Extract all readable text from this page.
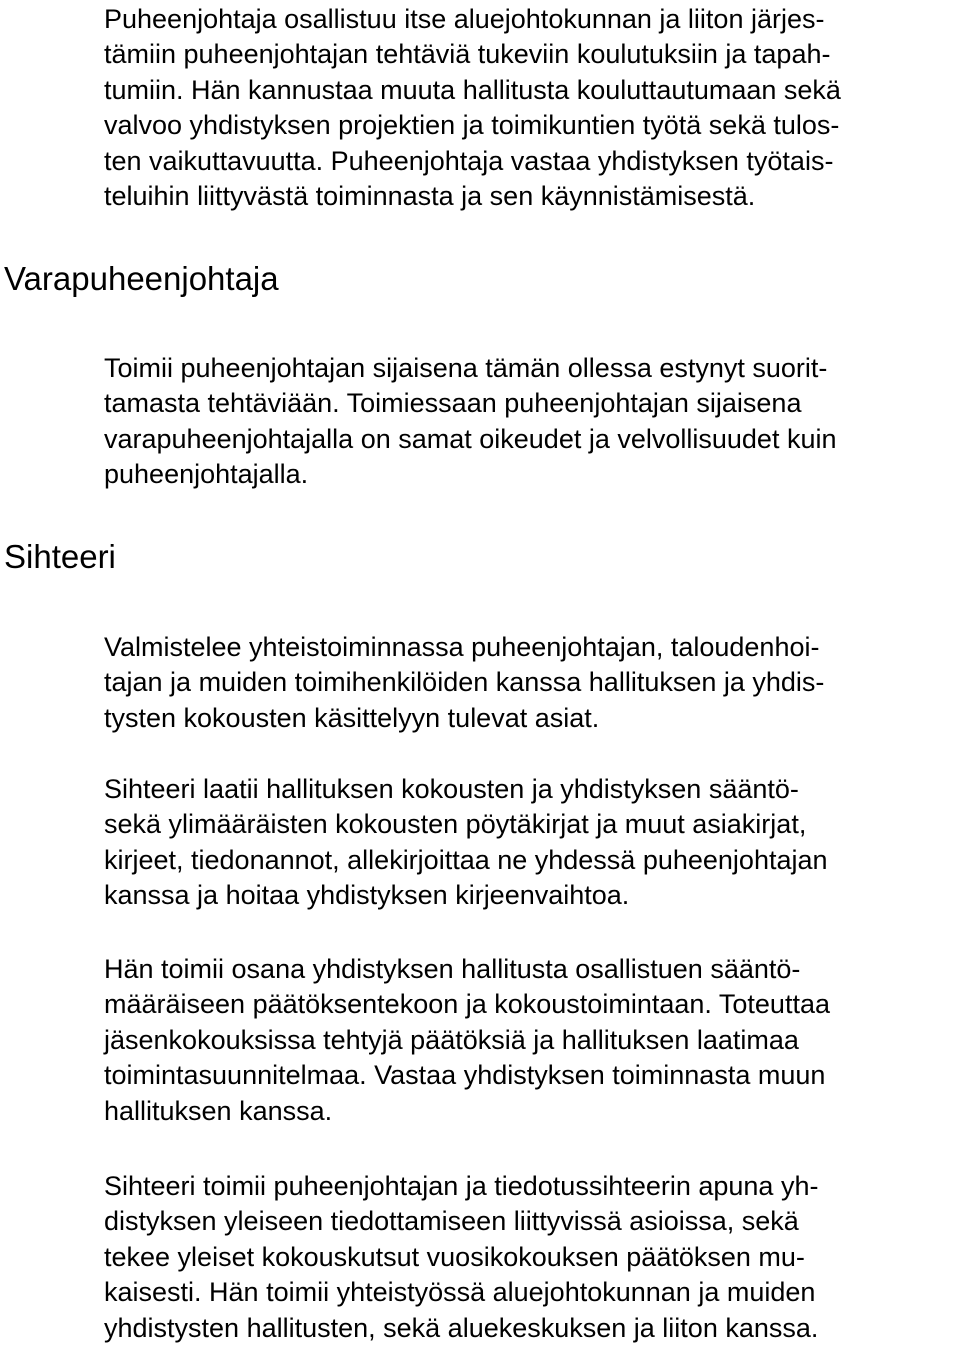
Puheenjohtaja osallistuu itse aluejohtokunnan ja liiton järjes-
tämiin puheenjohtajan tehtäviä tukeviin koulutuksiin ja tapah-
tumiin. Hän kannustaa muuta hallitusta kouluttautumaan sekä
valvoo yhdistyksen projektien ja toimikuntien työtä sekä tulos-
ten vaikuttavuutta. Puheenjohtaja vastaa yhdistyksen työtais-
teluihin liittyvästä toiminnasta ja sen käynnistämisestä.

Varapuheenjohtaja

Toimii puheenjohtajan sijaisena tämän ollessa estynyt suorit-
tamasta tehtäviään. Toimiessaan puheenjohtajan sijaisena
varapuheenjohtajalla on samat oikeudet ja velvollisuudet kuin
puheenjohtajalla.

Sihteeri

Valmistelee yhteistoiminnassa puheenjohtajan, taloudenhoi-
tajan ja muiden toimihenkilöiden kanssa hallituksen ja yhdis-
tysten kokousten käsittelyyn tulevat asiat.

Sihteeri laatii hallituksen kokousten ja yhdistyksen sääntö-
sekä ylimääräisten kokousten pöytäkirjat ja muut asiakirjat,
kirjeet, tiedonannot, allekirjoittaa ne yhdessä puheenjohtajan
kanssa ja hoitaa yhdistyksen kirjeenvaihtoa.

Hän toimii osana yhdistyksen hallitusta osallistuen sääntö-
määräiseen päätöksentekoon ja kokoustoimintaan. Toteuttaa
jäsenkokouksissa tehtyjä päätöksiä ja hallituksen laatimaa
toimintasuunnitelmaa. Vastaa yhdistyksen toiminnasta muun
hallituksen kanssa.

Sihteeri toimii puheenjohtajan ja tiedotussihteerin apuna yh-
distyksen yleiseen tiedottamiseen liittyvissä asioissa, sekä
tekee yleiset kokouskutsut vuosikokouksen päätöksen mu-
kaisesti. Hän toimii yhteistyössä aluejohtokunnan ja muiden
yhdistysten hallitusten, sekä aluekeskuksen ja liiton kanssa.
